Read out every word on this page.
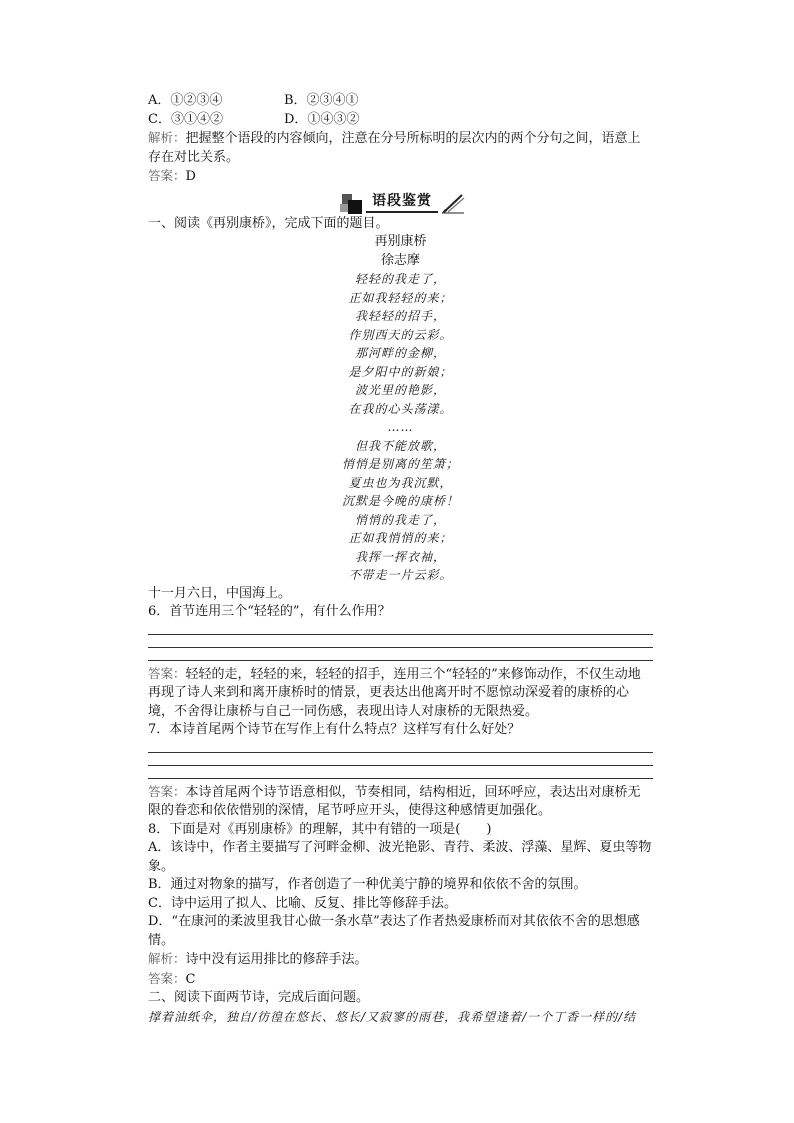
A．①②③④	B．②③④①
C．③①④②	D．①④③②

解析：把握整个语段的内容倾向，注意在分号所标明的层次内的两个分句之间，语意上存在对比关系。

答案：D

语段鉴赏

一、阅读《再别康桥》，完成下面的题目。

再别康桥

徐志摩

轻轻的我走了，

正如我轻轻的来；

我轻轻的招手，

作别西天的云彩。

那河畔的金柳，

是夕阳中的新娘；

波光里的艳影，

在我的心头荡漾。

……

但我不能放歌，

悄悄是别离的笙箫；

夏虫也为我沉默，

沉默是今晚的康桥！

悄悄的我走了，

正如我悄悄的来；

我挥一挥衣袖，

不带走一片云彩。

十一月六日，中国海上。

6．首节连用三个“轻轻的”，有什么作用？

答案：轻轻的走，轻轻的来，轻轻的招手，连用三个“轻轻的”来修饰动作，不仅生动地再现了诗人来到和离开康桥时的情景，更表达出他离开时不愿惊动深爱着的康桥的心境，不舍得让康桥与自己一同伤感，表现出诗人对康桥的无限热爱。

7．本诗首尾两个诗节在写作上有什么特点？这样写有什么好处？

答案：本诗首尾两个诗节语意相似，节奏相同，结构相近，回环呼应，表达出对康桥无限的眷恋和依依惜别的深情，尾节呼应开头，使得这种感情更加强化。

8．下面是对《再别康桥》的理解，其中有错的一项是(　　)

A．该诗中，作者主要描写了河畔金柳、波光艳影、青荇、柔波、浮藻、星辉、夏虫等物象。

B．通过对物象的描写，作者创造了一种优美宁静的境界和依依不舍的氛围。

C．诗中运用了拟人、比喻、反复、排比等修辞手法。

D．“在康河的柔波里我甘心做一条水草”表达了作者热爱康桥而对其依依不舍的思想感情。

解析：诗中没有运用排比的修辞手法。

答案：C

二、阅读下面两节诗，完成后面问题。

撑着油纸伞，独自/彷徨在悠长、悠长/又寂寥的雨巷，我希望逢着/一个丁香一样的/结
